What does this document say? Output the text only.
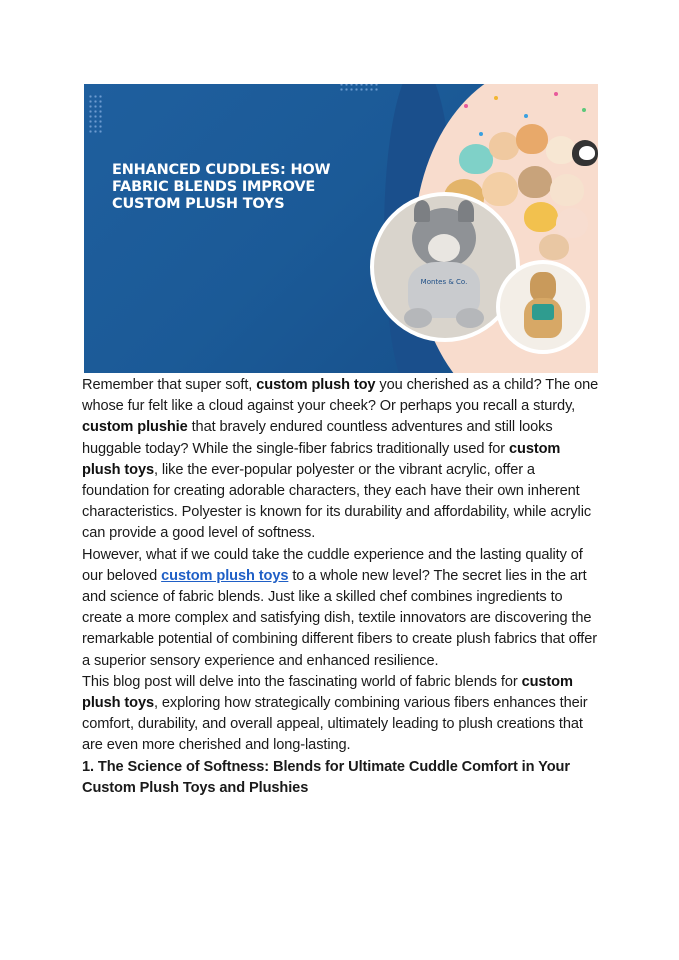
Montes & Co.
ENHANCED CUDDLES: HOW FABRIC BLENDS IMPROVE CUSTOM PLUSH TOYS

Remember that super soft, custom plush toy you cherished as a child? The one whose fur felt like a cloud against your cheek? Or perhaps you recall a sturdy, custom plushie that bravely endured countless adventures and still looks huggable today? While the single-fiber fabrics traditionally used for custom plush toys, like the ever-popular polyester or the vibrant acrylic, offer a foundation for creating adorable characters, they each have their own inherent characteristics. Polyester is known for its durability and affordability, while acrylic can provide a good level of softness.

However, what if we could take the cuddle experience and the lasting quality of our beloved custom plush toys to a whole new level? The secret lies in the art and science of fabric blends. Just like a skilled chef combines ingredients to create a more complex and satisfying dish, textile innovators are discovering the remarkable potential of combining different fibers to create plush fabrics that offer a superior sensory experience and enhanced resilience.

This blog post will delve into the fascinating world of fabric blends for custom plush toys, exploring how strategically combining various fibers enhances their comfort, durability, and overall appeal, ultimately leading to plush creations that are even more cherished and long-lasting.

1. The Science of Softness: Blends for Ultimate Cuddle Comfort in Your Custom Plush Toys and Plushies
